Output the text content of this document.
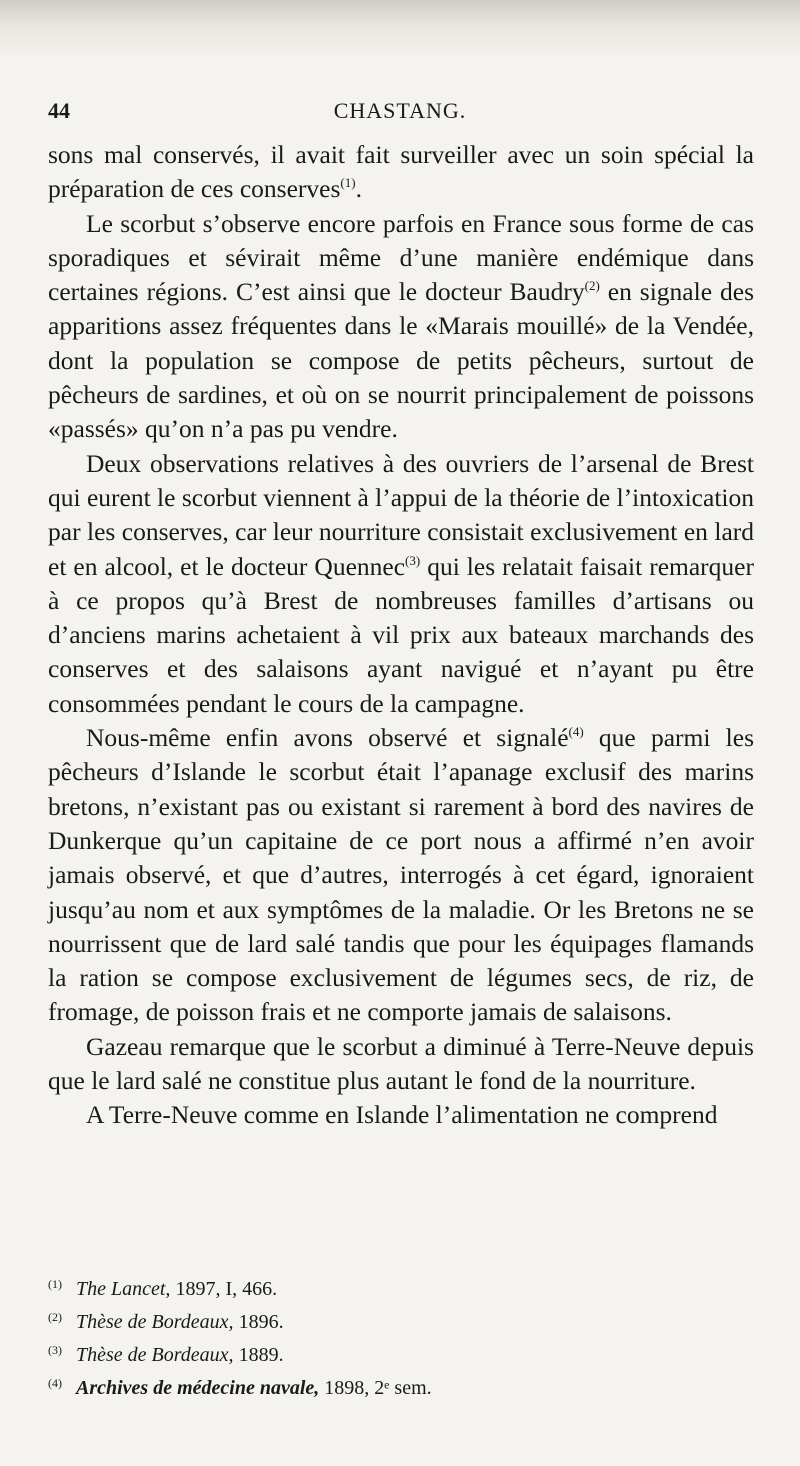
44	CHASTANG.

sons mal conservés, il avait fait surveiller avec un soin spécial la préparation de ces conserves$^{(1)}$.

Le scorbut s’observe encore parfois en France sous forme de cas sporadiques et sévirait même d’une manière endémique dans certaines régions. C’est ainsi que le docteur Baudry$^{(2)}$ en signale des apparitions assez fréquentes dans le «Marais mouillé» de la Vendée, dont la population se compose de petits pêcheurs, surtout de pêcheurs de sardines, et où on se nourrit principalement de poissons «passés» qu’on n’a pas pu vendre.

Deux observations relatives à des ouvriers de l’arsenal de Brest qui eurent le scorbut viennent à l’appui de la théorie de l’intoxication par les conserves, car leur nourriture consistait exclusivement en lard et en alcool, et le docteur Quennec$^{(3)}$ qui les relatait faisait remarquer à ce propos qu’à Brest de nombreuses familles d’artisans ou d’anciens marins achetaient à vil prix aux bateaux marchands des conserves et des salaisons ayant navigué et n’ayant pu être consommées pendant le cours de la campagne.

Nous-même enfin avons observé et signalé$^{(4)}$ que parmi les pêcheurs d’Islande le scorbut était l’apanage exclusif des marins bretons, n’existant pas ou existant si rarement à bord des navires de Dunkerque qu’un capitaine de ce port nous a affirmé n’en avoir jamais observé, et que d’autres, interrogés à cet égard, ignoraient jusqu’au nom et aux symptômes de la maladie. Or les Bretons ne se nourrissent que de lard salé tandis que pour les équipages flamands la ration se compose exclusivement de légumes secs, de riz, de fromage, de poisson frais et ne comporte jamais de salaisons.

Gazeau remarque que le scorbut a diminué à Terre-Neuve depuis que le lard salé ne constitue plus autant le fond de la nourriture.

A Terre-Neuve comme en Islande l’alimentation ne comprend

(1) The Lancet, 1897, I, 466.
(2) Thèse de Bordeaux, 1896.
(3) Thèse de Bordeaux, 1889.
(4) Archives de médecine navale, 1898, 2ᵉ sem.
